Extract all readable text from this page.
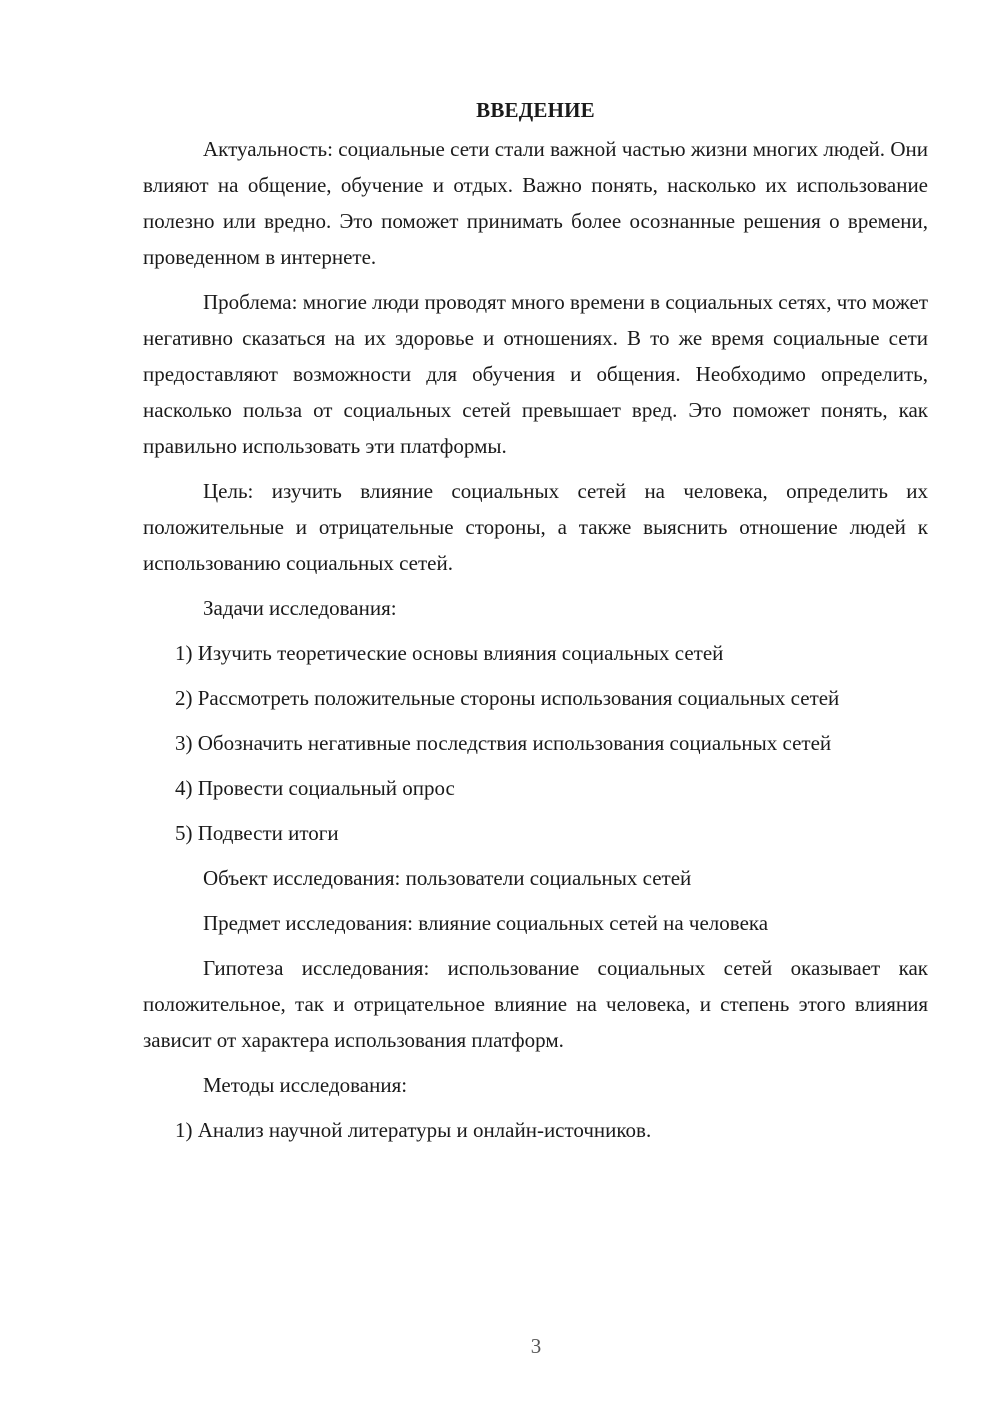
ВВЕДЕНИЕ

Актуальность: социальные сети стали важной частью жизни многих людей. Они влияют на общение, обучение и отдых. Важно понять, насколько их использование полезно или вредно. Это поможет принимать более осознанные решения о времени, проведенном в интернете.

Проблема: многие люди проводят много времени в социальных сетях, что может негативно сказаться на их здоровье и отношениях. В то же время социальные сети предоставляют возможности для обучения и общения. Необходимо определить, насколько польза от социальных сетей превышает вред. Это поможет понять, как правильно использовать эти платформы.

Цель: изучить влияние социальных сетей на человека, определить их положительные и отрицательные стороны, а также выяснить отношение людей к использованию социальных сетей.

Задачи исследования:

1) Изучить теоретические основы влияния социальных сетей

2) Рассмотреть положительные стороны использования социальных сетей

3) Обозначить негативные последствия использования социальных сетей

4) Провести социальный опрос

5) Подвести итоги

Объект исследования: пользователи социальных сетей

Предмет исследования: влияние социальных сетей на человека

Гипотеза исследования: использование социальных сетей оказывает как положительное, так и отрицательное влияние на человека, и степень этого влияния зависит от характера использования платформ.

Методы исследования:

1) Анализ научной литературы и онлайн-источников.

3
